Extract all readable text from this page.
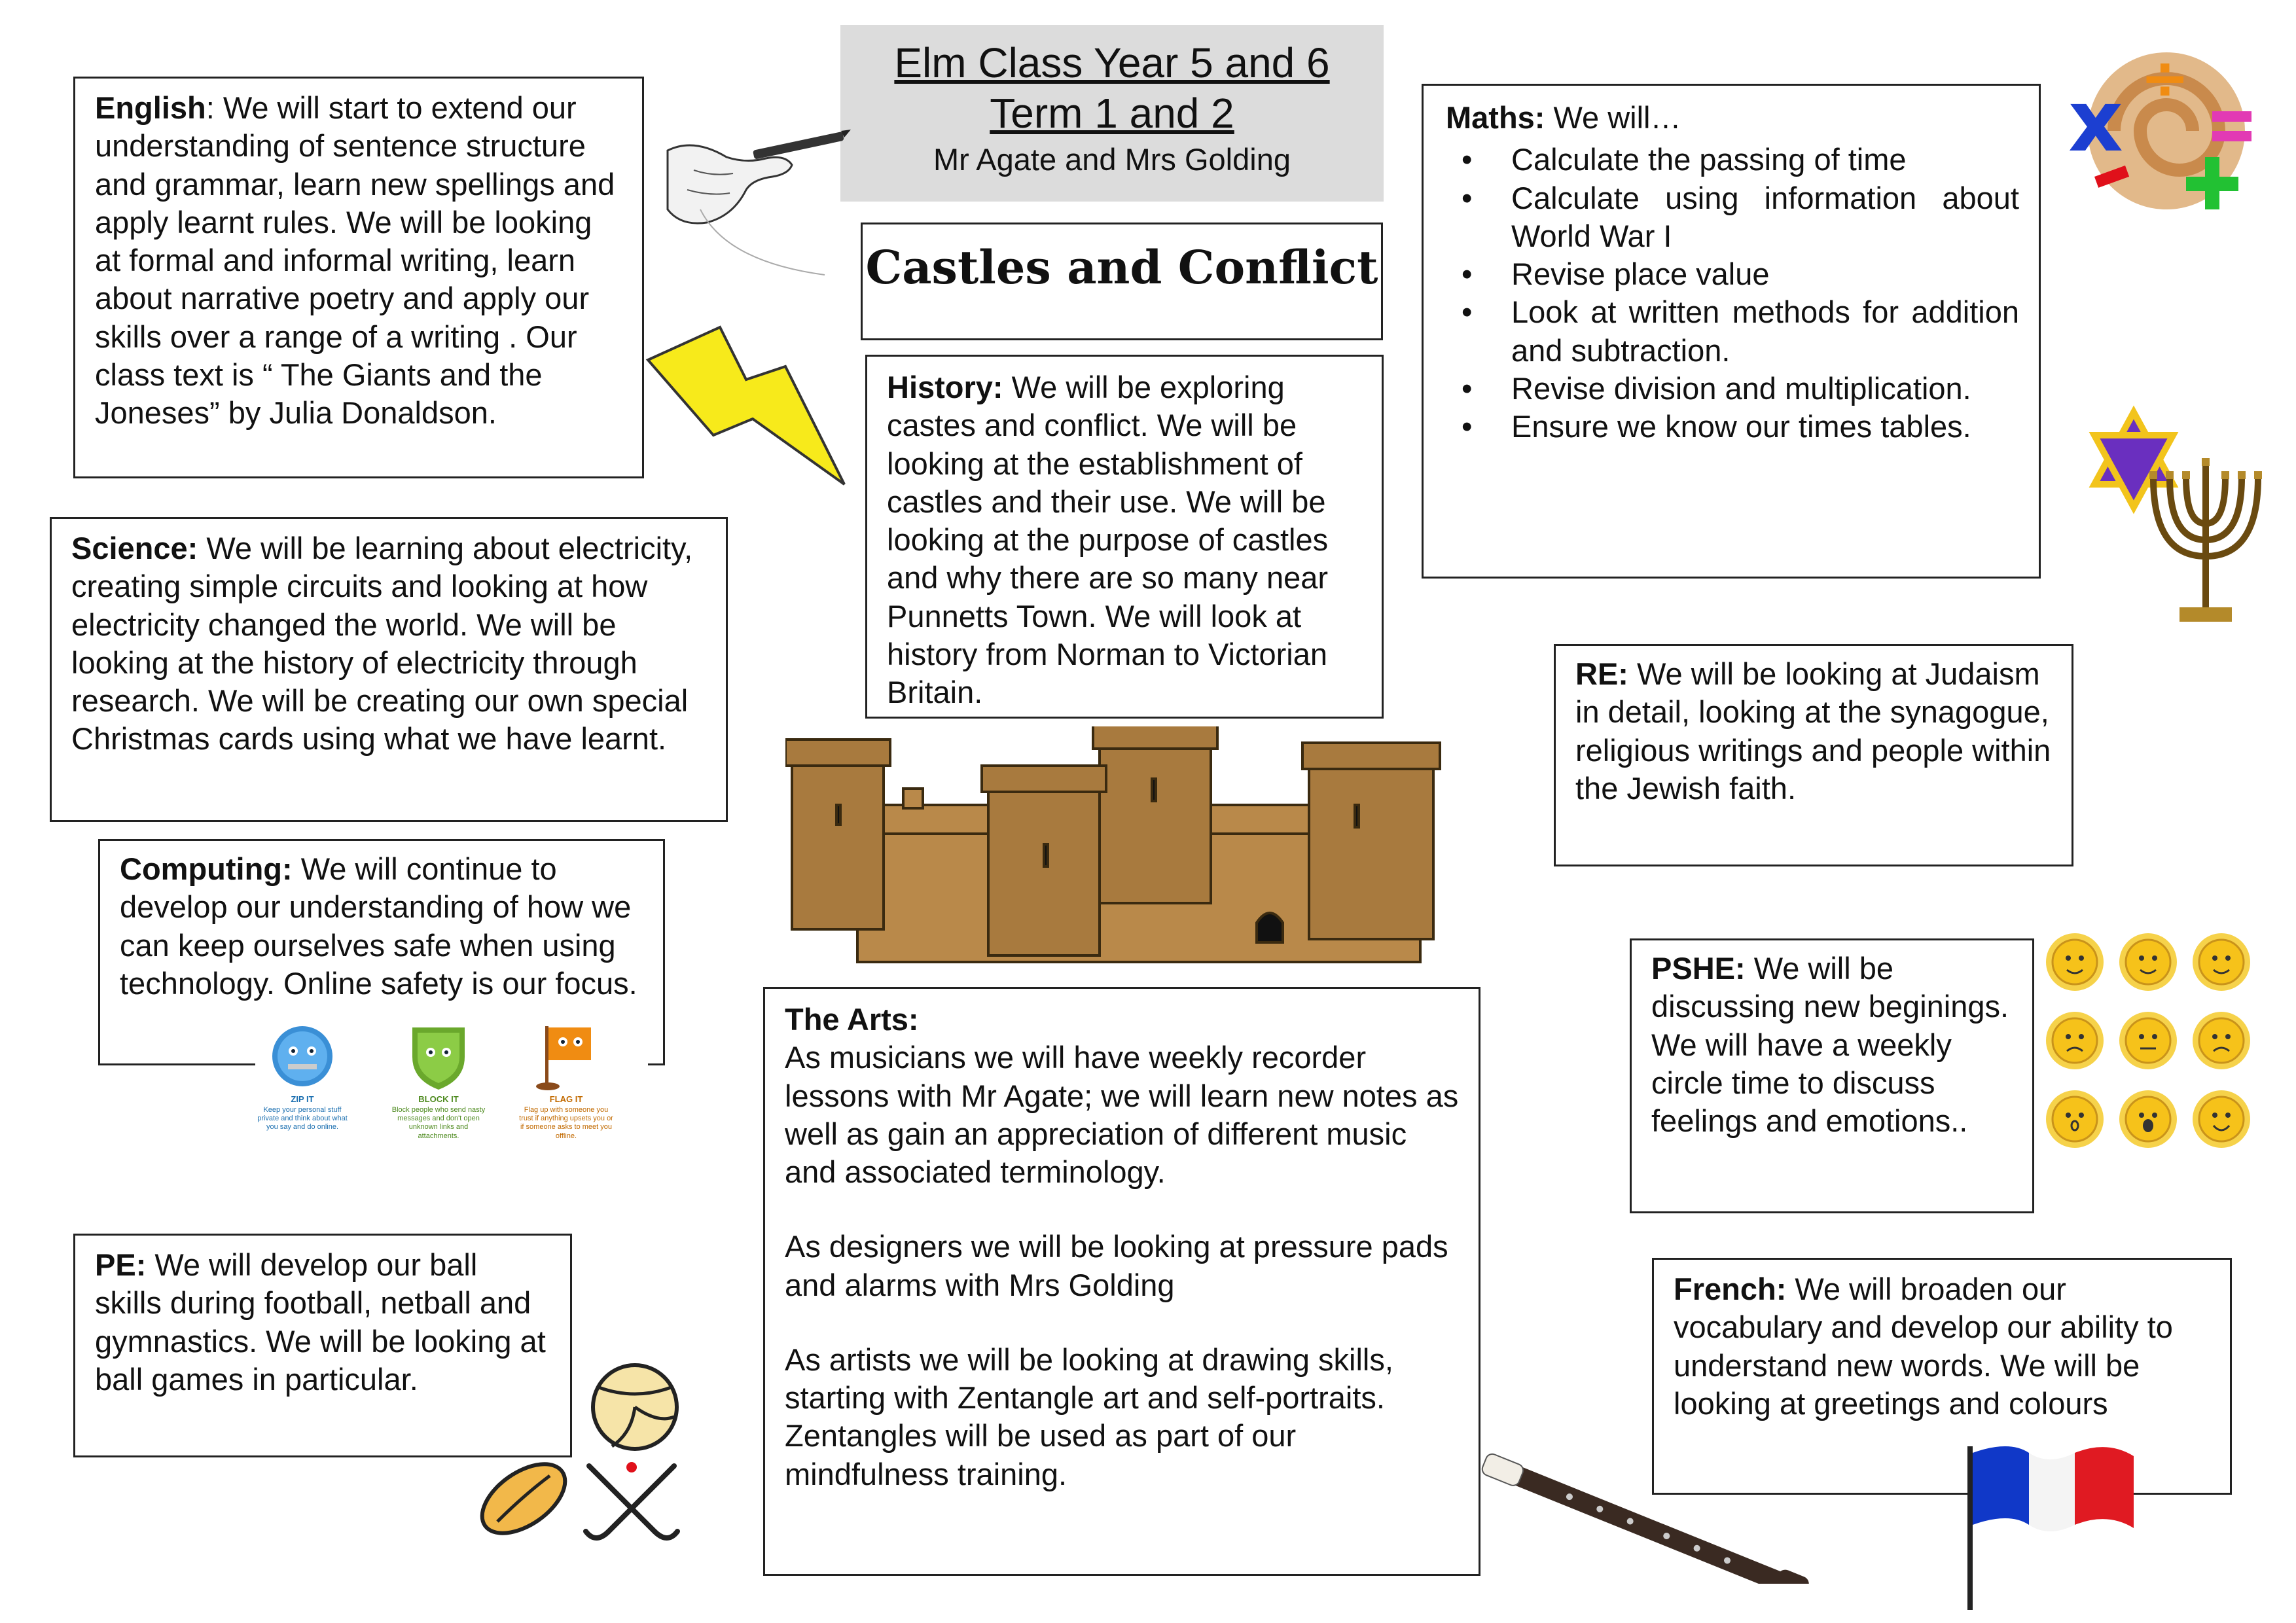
Elm Class Year 5 and 6
Term 1 and 2
Mr Agate and Mrs Golding
Castles and Conflict
English: We will start to extend our understanding of sentence structure and grammar, learn new spellings and apply learnt rules. We will be looking at formal and informal writing, learn about narrative poetry and apply our skills over a range of a writing . Our class text is “ The Giants and the Joneses” by Julia Donaldson.
Science: We will be learning about electricity, creating simple circuits and looking at how electricity changed the world. We will be looking at the history of electricity through research. We will be creating our own special Christmas cards using what we have learnt.
Computing: We will continue to develop our understanding of how we can keep ourselves safe when using technology. Online safety is our focus.
ZIP IT
Keep your personal stuff private and think about what you say and do online.
BLOCK IT
Block people who send nasty messages and don't open unknown links and attachments.
FLAG IT
Flag up with someone you trust if anything upsets you or if someone asks to meet you offline.
PE: We will develop our ball skills during football, netball and gymnastics. We will be looking at ball games in particular.
History: We will be exploring castes and conflict. We will be looking at the establishment of castles and their use. We will be looking at the purpose of castles and why there are so many near Punnetts Town. We will look at history from Norman to Victorian Britain.
The Arts:
As musicians we will have weekly recorder lessons with Mr Agate; we will learn new notes as well as gain an appreciation of different music and associated terminology.
As designers we will be looking at pressure pads and alarms with Mrs Golding
As artists we will be looking at drawing skills, starting with Zentangle art and self-portraits. Zentangles will be used as part of our mindfulness training.
Maths: We will…
• Calculate the passing of time
• Calculate using information about World War I
• Revise place value
• Look at written methods for addition and subtraction.
• Revise division and multiplication.
• Ensure we know our times tables.
RE: We will be looking at Judaism in detail, looking at the synagogue, religious writings and people within the Jewish faith.
PSHE: We will be discussing new beginings. We will have a weekly circle time to discuss feelings and emotions..
French: We will broaden our vocabulary and develop our ability to understand new words. We will be looking at greetings and colours
x ÷
